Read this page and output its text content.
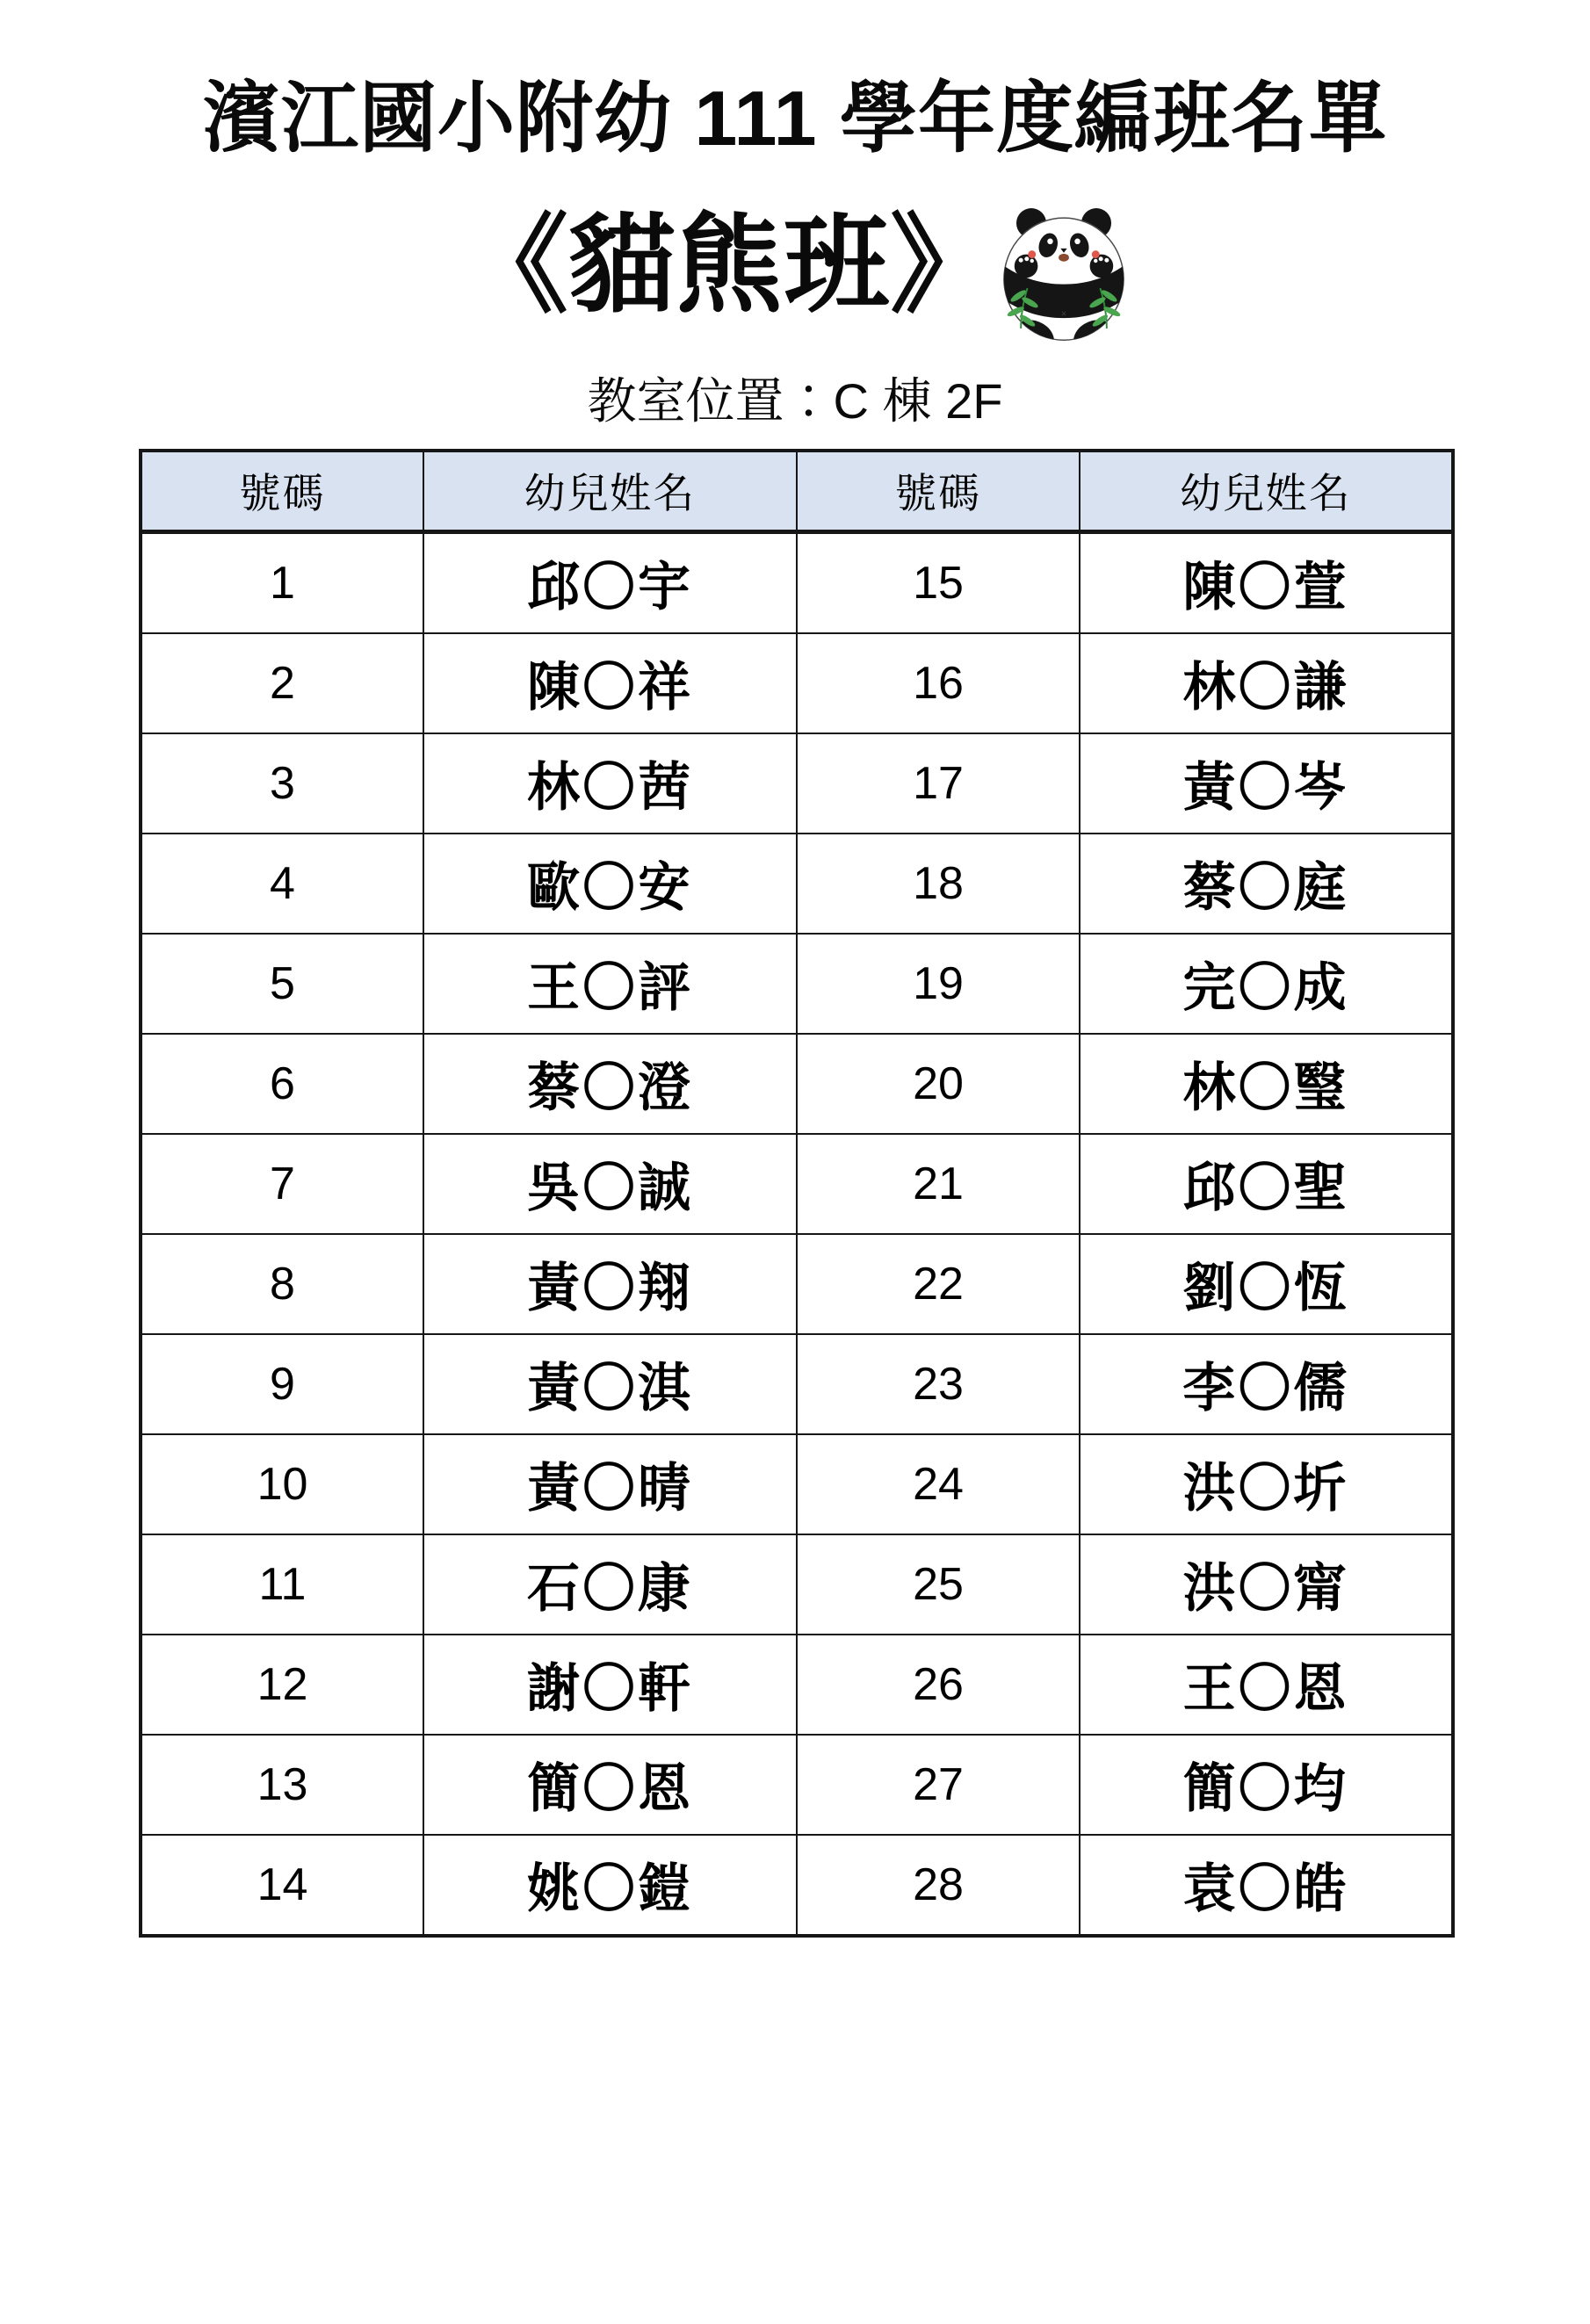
濱江國小附幼 111 學年度編班名單
《貓熊班》
教室位置：C 棟 2F
號碼	幼兒姓名	號碼	幼兒姓名
1	邱〇宇	15	陳〇萱
2	陳〇祥	16	林〇謙
3	林〇茜	17	黃〇岑
4	歐〇安	18	蔡〇庭
5	王〇評	19	完〇成
6	蔡〇澄	20	林〇瑿
7	吳〇誠	21	邱〇聖
8	黃〇翔	22	劉〇恆
9	黃〇淇	23	李〇儒
10	黃〇晴	24	洪〇圻
11	石〇康	25	洪〇甯
12	謝〇軒	26	王〇恩
13	簡〇恩	27	簡〇均
14	姚〇鎧	28	袁〇皓
